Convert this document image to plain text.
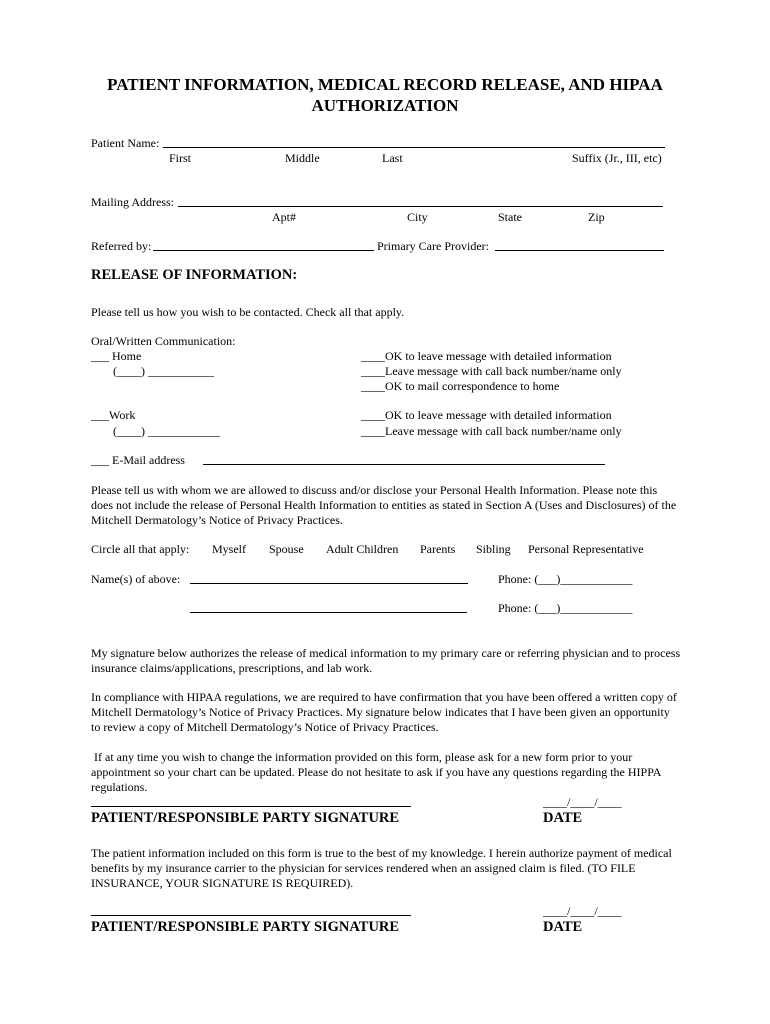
PATIENT INFORMATION, MEDICAL RECORD RELEASE, AND HIPAA
AUTHORIZATION
Patient Name:
First	Middle	Last	Suffix (Jr., III, etc)
Mailing Address:
Apt#	City	State	Zip
Referred by:	Primary Care Provider:
RELEASE OF INFORMATION:
Please tell us how you wish to be contacted. Check all that apply.
Oral/Written Communication:
___ Home
(____) ___________
____OK to leave message with detailed information
____Leave message with call back number/name only
____OK to mail correspondence to home
___Work
(____) ____________
____OK to leave message with detailed information
____Leave message with call back number/name only
___ E-Mail address
Please tell us with whom we are allowed to discuss and/or disclose your Personal Health Information. Please note this does not include the release of Personal Health Information to entities as stated in Section A (Uses and Disclosures) of the Mitchell Dermatology’s Notice of Privacy Practices.
Circle all that apply: Myself Spouse Adult Children Parents Sibling Personal Representative
Name(s) of above:	Phone: (___)____________
Phone: (___)____________
My signature below authorizes the release of medical information to my primary care or referring physician and to process insurance claims/applications, prescriptions, and lab work.
In compliance with HIPAA regulations, we are required to have confirmation that you have been offered a written copy of Mitchell Dermatology’s Notice of Privacy Practices. My signature below indicates that I have been given an opportunity to review a copy of Mitchell Dermatology’s Notice of Privacy Practices.
If at any time you wish to change the information provided on this form, please ask for a new form prior to your appointment so your chart can be updated. Please do not hesitate to ask if you have any questions regarding the HIPPA regulations.
____/____/____
PATIENT/RESPONSIBLE PARTY SIGNATURE	DATE
The patient information included on this form is true to the best of my knowledge. I herein authorize payment of medical benefits by my insurance carrier to the physician for services rendered when an assigned claim is filed. (TO FILE INSURANCE, YOUR SIGNATURE IS REQUIRED).
____/____/____
PATIENT/RESPONSIBLE PARTY SIGNATURE	DATE
